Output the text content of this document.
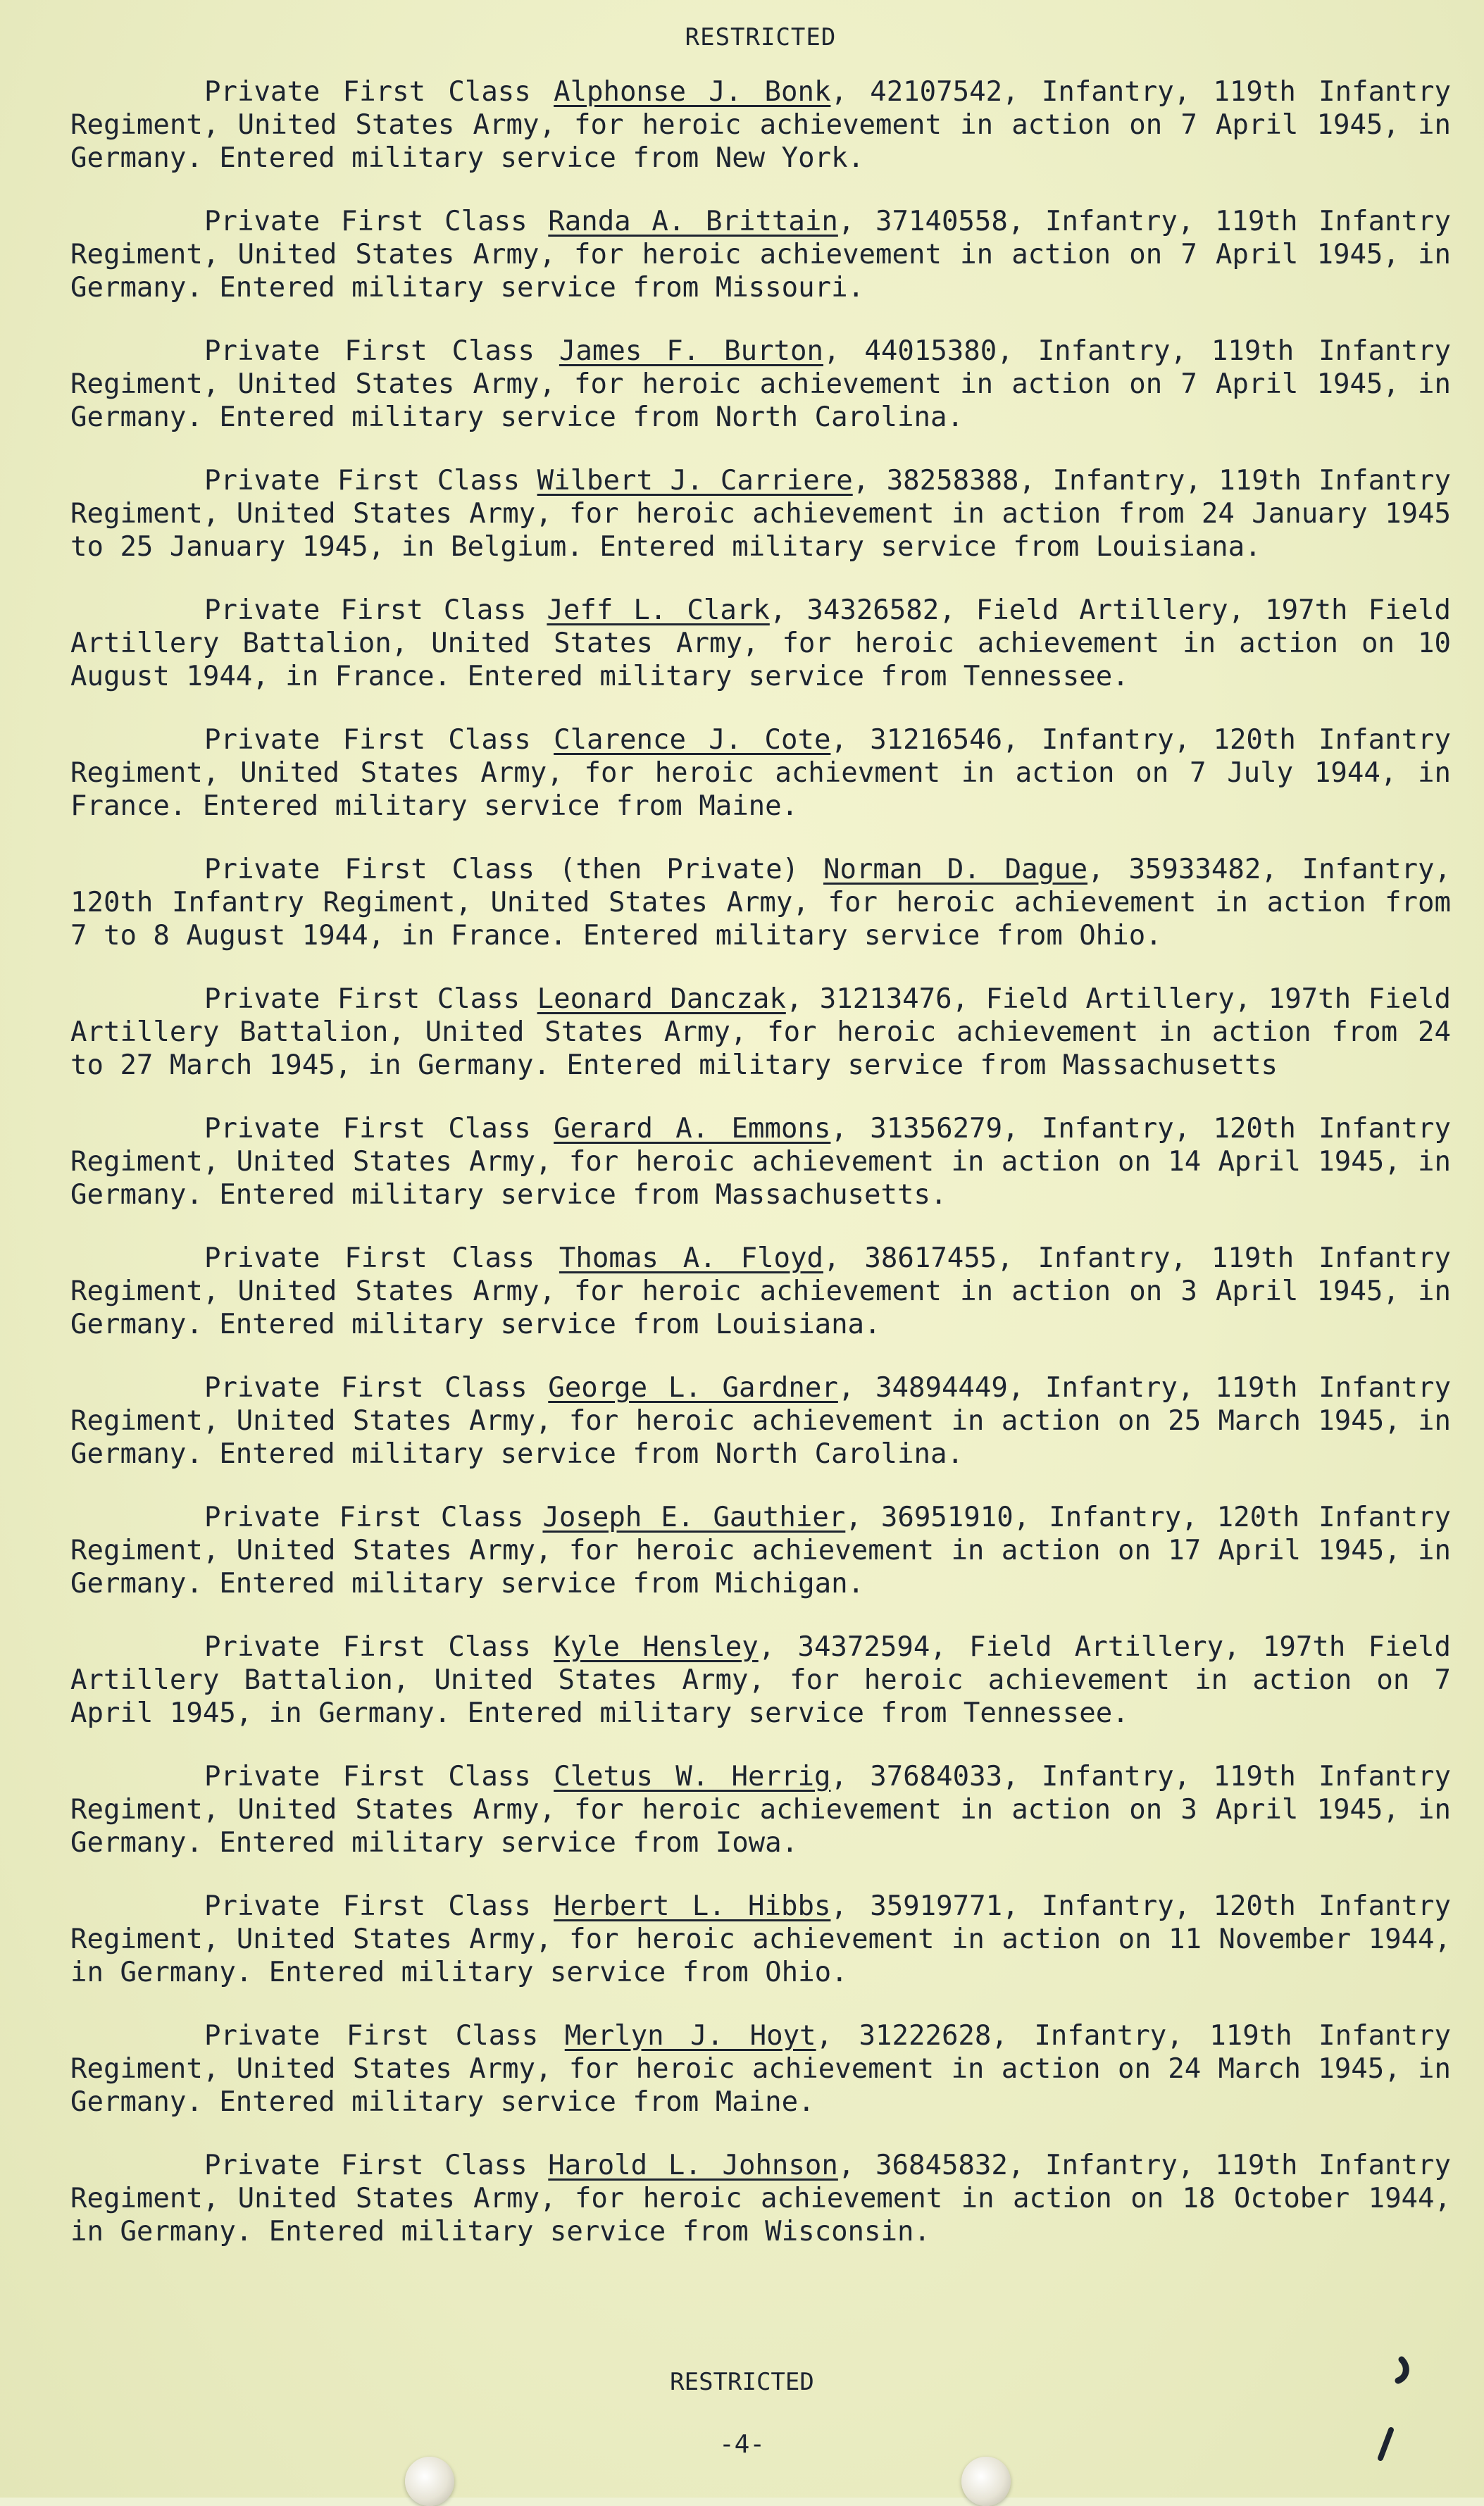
RESTRICTED

Private First Class Alphonse J. Bonk, 42107542, Infantry, 119th Infantry Regiment, United States Army, for heroic achievement in action on 7 April 1945, in Germany. Entered military service from New York.

Private First Class Randa A. Brittain, 37140558, Infantry, 119th Infantry Regiment, United States Army, for heroic achievement in action on 7 April 1945, in Germany. Entered military service from Missouri.

Private First Class James F. Burton, 44015380, Infantry, 119th Infantry Regiment, United States Army, for heroic achievement in action on 7 April 1945, in Germany. Entered military service from North Carolina.

Private First Class Wilbert J. Carriere, 38258388, Infantry, 119th Infantry Regiment, United States Army, for heroic achievement in action from 24 January 1945 to 25 January 1945, in Belgium. Entered military service from Louisiana.

Private First Class Jeff L. Clark, 34326582, Field Artillery, 197th Field Artillery Battalion, United States Army, for heroic achievement in action on 10 August 1944, in France. Entered military service from Tennessee.

Private First Class Clarence J. Cote, 31216546, Infantry, 120th Infantry Regiment, United States Army, for heroic achievment in action on 7 July 1944, in France. Entered military service from Maine.

Private First Class (then Private) Norman D. Dague, 35933482, Infantry, 120th Infantry Regiment, United States Army, for heroic achievement in action from 7 to 8 August 1944, in France. Entered military service from Ohio.

Private First Class Leonard Danczak, 31213476, Field Artillery, 197th Field Artillery Battalion, United States Army, for heroic achievement in action from 24 to 27 March 1945, in Germany. Entered military service from Massachusetts

Private First Class Gerard A. Emmons, 31356279, Infantry, 120th Infantry Regiment, United States Army, for heroic achievement in action on 14 April 1945, in Germany. Entered military service from Massachusetts.

Private First Class Thomas A. Floyd, 38617455, Infantry, 119th Infantry Regiment, United States Army, for heroic achievement in action on 3 April 1945, in Germany. Entered military service from Louisiana.

Private First Class George L. Gardner, 34894449, Infantry, 119th Infantry Regiment, United States Army, for heroic achievement in action on 25 March 1945, in Germany. Entered military service from North Carolina.

Private First Class Joseph E. Gauthier, 36951910, Infantry, 120th Infantry Regiment, United States Army, for heroic achievement in action on 17 April 1945, in Germany. Entered military service from Michigan.

Private First Class Kyle Hensley, 34372594, Field Artillery, 197th Field Artillery Battalion, United States Army, for heroic achievement in action on 7 April 1945, in Germany. Entered military service from Tennessee.

Private First Class Cletus W. Herrig, 37684033, Infantry, 119th Infantry Regiment, United States Army, for heroic achievement in action on 3 April 1945, in Germany. Entered military service from Iowa.

Private First Class Herbert L. Hibbs, 35919771, Infantry, 120th Infantry Regiment, United States Army, for heroic achievement in action on 11 November 1944, in Germany. Entered military service from Ohio.

Private First Class Merlyn J. Hoyt, 31222628, Infantry, 119th Infantry Regiment, United States Army, for heroic achievement in action on 24 March 1945, in Germany. Entered military service from Maine.

Private First Class Harold L. Johnson, 36845832, Infantry, 119th Infantry Regiment, United States Army, for heroic achievement in action on 18 October 1944, in Germany. Entered military service from Wisconsin.

RESTRICTED
-4-
